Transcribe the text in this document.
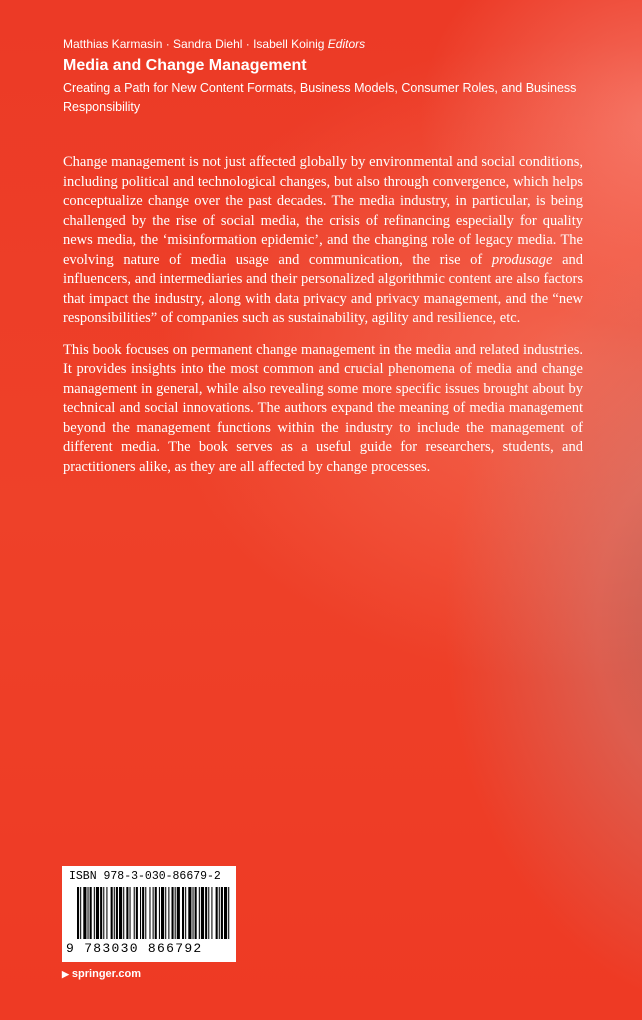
Matthias Karmasin · Sandra Diehl · Isabell Koinig Editors
Media and Change Management
Creating a Path for New Content Formats, Business Models, Consumer Roles, and Business Responsibility

Change management is not just affected globally by environmental and social conditions, including political and technological changes, but also through convergence, which helps conceptualize change over the past decades. The media industry, in particular, is being challenged by the rise of social media, the crisis of refinancing especially for quality news media, the ‘misinformation epidemic’, and the changing role of legacy media. The evolving nature of media usage and communication, the rise of produsage and influencers, and intermediaries and their personalized algorithmic content are also factors that impact the industry, along with data privacy and privacy management, and the “new responsibilities” of companies such as sustainability, agility and resilience, etc.

This book focuses on permanent change management in the media and related industries. It provides insights into the most common and crucial phenomena of media and change management in general, while also revealing some more specific issues brought about by technical and social innovations. The authors expand the meaning of media management beyond the management functions within the industry to include the management of different media. The book serves as a useful guide for researchers, students, and practitioners alike, as they are all affected by change processes.

ISBN 978-3-030-86679-2
9 783030 866792
▶ springer.com
